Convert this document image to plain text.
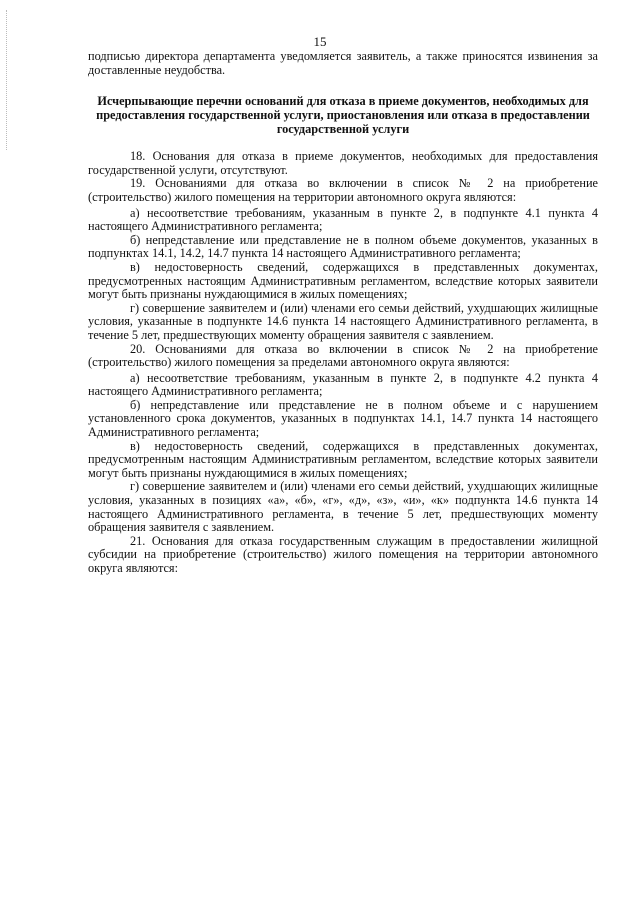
15

подписью директора департамента уведомляется заявитель, а также приносятся извинения за доставленные неудобства.

Исчерпывающие перечни оснований для отказа в приеме документов, необходимых для предоставления государственной услуги, приостановления или отказа в предоставлении государственной услуги

18. Основания для отказа в приеме документов, необходимых для предоставления государственной услуги, отсутствуют.

19. Основаниями для отказа во включении в список № 2 на приобретение (строительство) жилого помещения на территории автономного округа являются:

а) несоответствие требованиям, указанным в пункте 2, в подпункте 4.1 пункта 4 настоящего Административного регламента;

б) непредставление или представление не в полном объеме документов, указанных в подпунктах 14.1, 14.2, 14.7 пункта 14 настоящего Административного регламента;

в) недостоверность сведений, содержащихся в представленных документах, предусмотренных настоящим Административным регламентом, вследствие которых заявители могут быть признаны нуждающимися в жилых помещениях;

г) совершение заявителем и (или) членами его семьи действий, ухудшающих жилищные условия, указанные в подпункте 14.6 пункта 14 настоящего Административного регламента, в течение 5 лет, предшествующих моменту обращения заявителя с заявлением.

20. Основаниями для отказа во включении в список № 2 на приобретение (строительство) жилого помещения за пределами автономного округа являются:

а) несоответствие требованиям, указанным в пункте 2, в подпункте 4.2 пункта 4 настоящего Административного регламента;

б) непредставление или представление не в полном объеме и с нарушением установленного срока документов, указанных в подпунктах 14.1, 14.7 пункта 14 настоящего Административного регламента;

в) недостоверность сведений, содержащихся в представленных документах, предусмотренным настоящим Административным регламентом, вследствие которых заявители могут быть признаны нуждающимися в жилых помещениях;

г) совершение заявителем и (или) членами его семьи действий, ухудшающих жилищные условия, указанных в позициях «а», «б», «г», «д», «з», «и», «к» подпункта 14.6 пункта 14 настоящего Административного регламента, в течение 5 лет, предшествующих моменту обращения заявителя с заявлением.

21. Основания для отказа государственным служащим в предоставлении жилищной субсидии на приобретение (строительство) жилого помещения на территории автономного округа являются:
